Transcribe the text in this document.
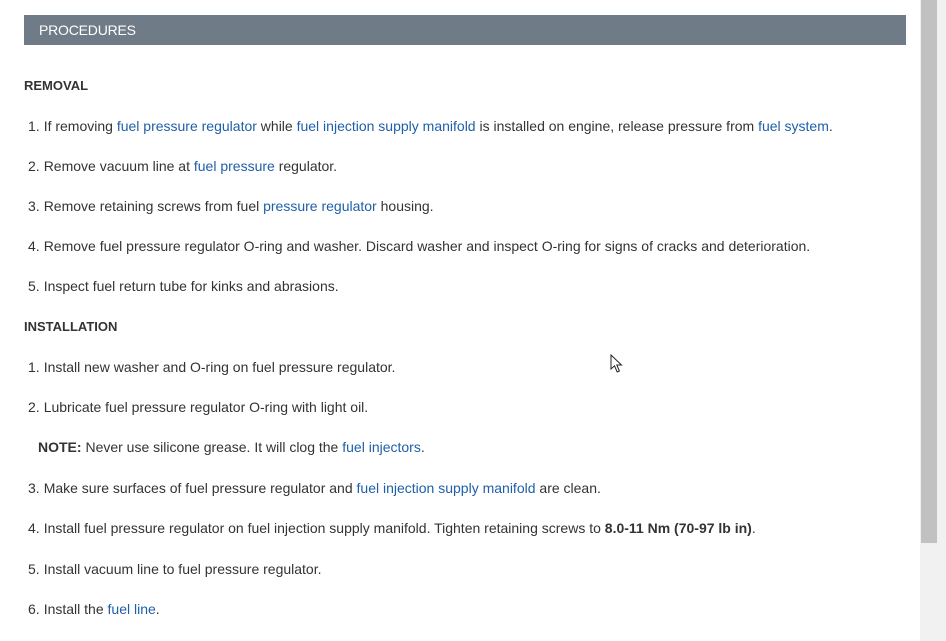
PROCEDURES
REMOVAL
1. If removing fuel pressure regulator while fuel injection supply manifold is installed on engine, release pressure from fuel system.
2. Remove vacuum line at fuel pressure regulator.
3. Remove retaining screws from fuel pressure regulator housing.
4. Remove fuel pressure regulator O-ring and washer. Discard washer and inspect O-ring for signs of cracks and deterioration.
5. Inspect fuel return tube for kinks and abrasions.
INSTALLATION
1. Install new washer and O-ring on fuel pressure regulator.
2. Lubricate fuel pressure regulator O-ring with light oil.
NOTE: Never use silicone grease. It will clog the fuel injectors.
3. Make sure surfaces of fuel pressure regulator and fuel injection supply manifold are clean.
4. Install fuel pressure regulator on fuel injection supply manifold. Tighten retaining screws to 8.0-11 Nm (70-97 lb in).
5. Install vacuum line to fuel pressure regulator.
6. Install the fuel line.
